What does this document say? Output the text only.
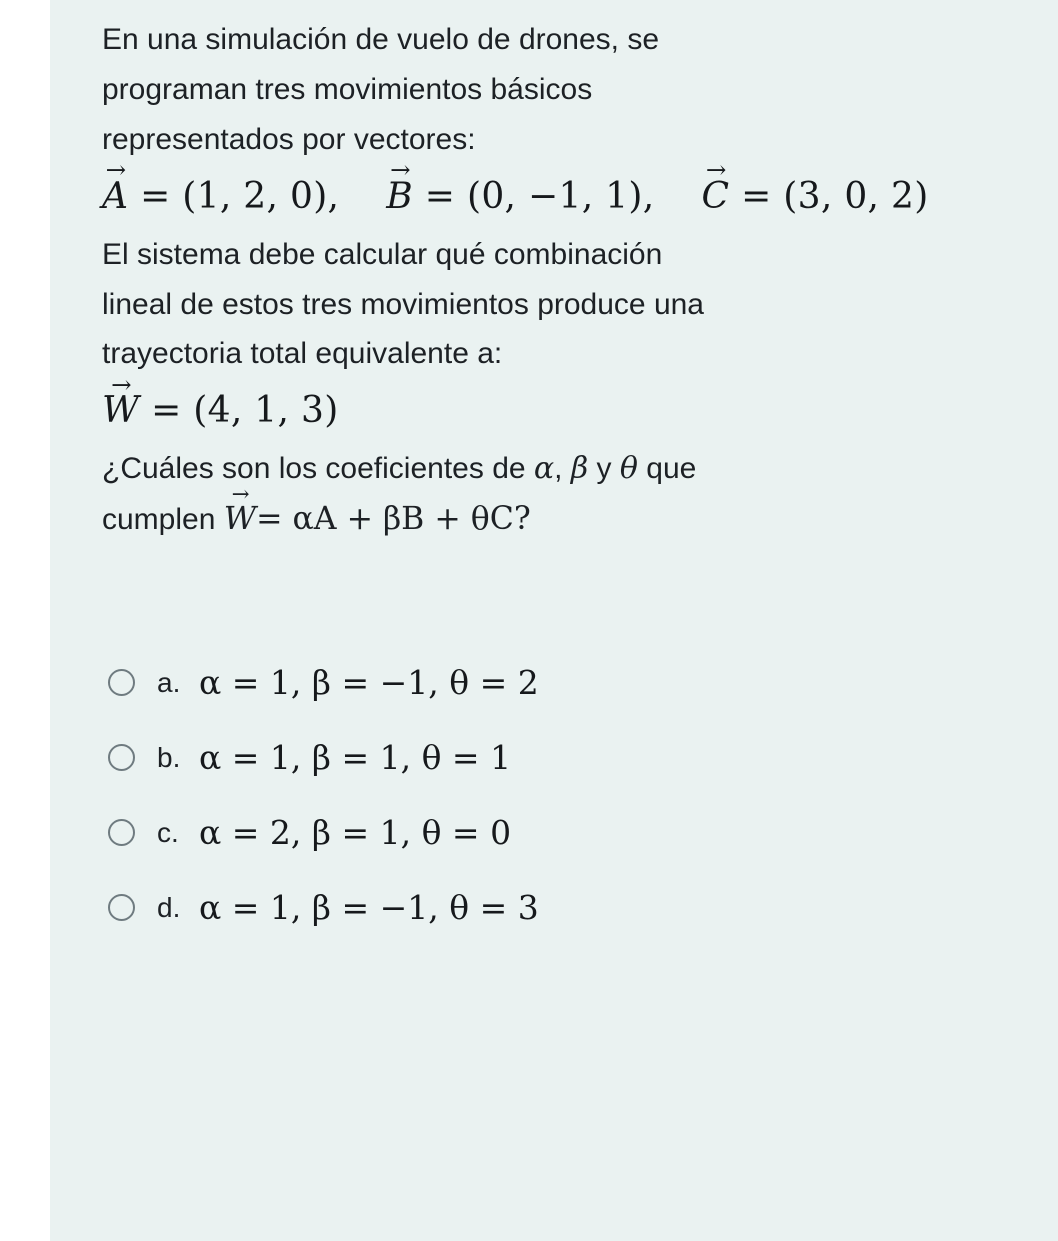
En una simulación de vuelo de drones, se
programan tres movimientos básicos
representados por vectores:
A → = (1, 2, 0), B → = (0, −1, 1), C → = (3, 0, 2)
El sistema debe calcular qué combinación
lineal de estos tres movimientos produce una
trayectoria total equivalente a:
W → = (4, 1, 3)
¿Cuáles son los coeficientes de α, β y θ que
cumplen W →= αA + βB + θC?
a. α = 1, β = −1, θ = 2
b. α = 1, β = 1, θ = 1
c. α = 2, β = 1, θ = 0
d. α = 1, β = −1, θ = 3
